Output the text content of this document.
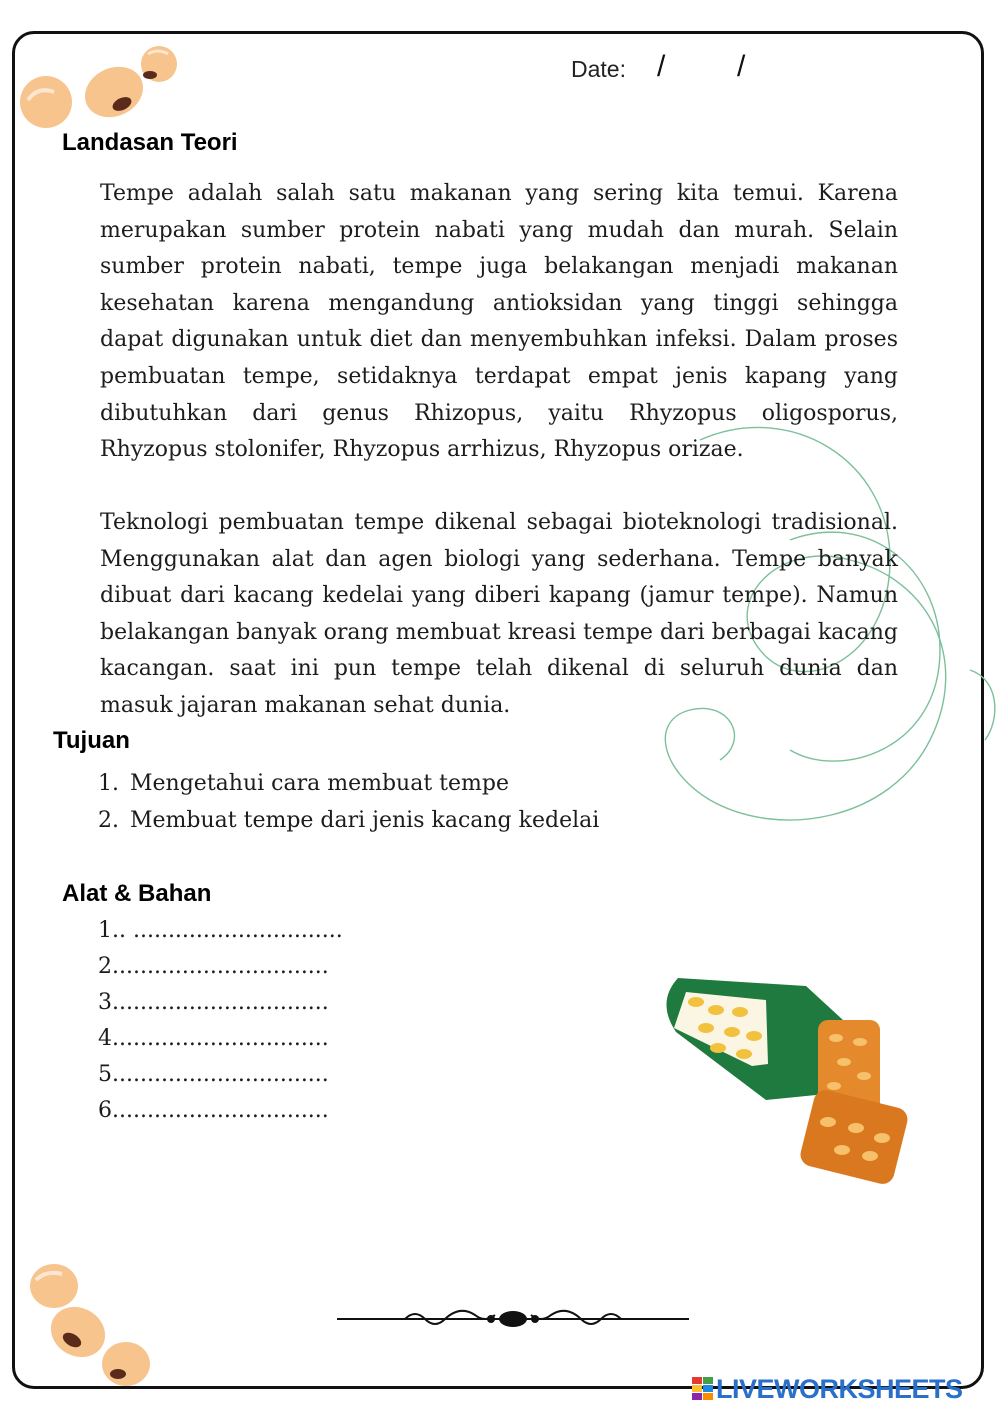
Date: / /
Landasan Teori

Tempe adalah salah satu makanan yang sering kita temui. Karena merupakan sumber protein nabati yang mudah dan murah. Selain sumber protein nabati, tempe juga belakangan menjadi makanan kesehatan karena mengandung antioksidan yang tinggi sehingga dapat digunakan untuk diet dan menyembuhkan infeksi. Dalam proses pembuatan tempe, setidaknya terdapat empat jenis kapang yang dibutuhkan dari genus Rhizopus, yaitu Rhyzopus oligosporus, Rhyzopus stolonifer, Rhyzopus arrhizus, Rhyzopus orizae.

Teknologi pembuatan tempe dikenal sebagai bioteknologi tradisional. Menggunakan alat dan agen biologi yang sederhana. Tempe banyak dibuat dari kacang kedelai yang diberi kapang (jamur tempe). Namun belakangan banyak orang membuat kreasi tempe dari berbagai kacang kacangan. saat ini pun tempe telah dikenal di seluruh dunia dan masuk jajaran makanan sehat dunia.

Tujuan
1. Mengetahui cara membuat tempe
2. Membuat tempe dari jenis kacang kedelai
Alat & Bahan
1.. ..............................
2...............................
3...............................
4...............................
5...............................
6...............................
LIVEWORKSHEETS
